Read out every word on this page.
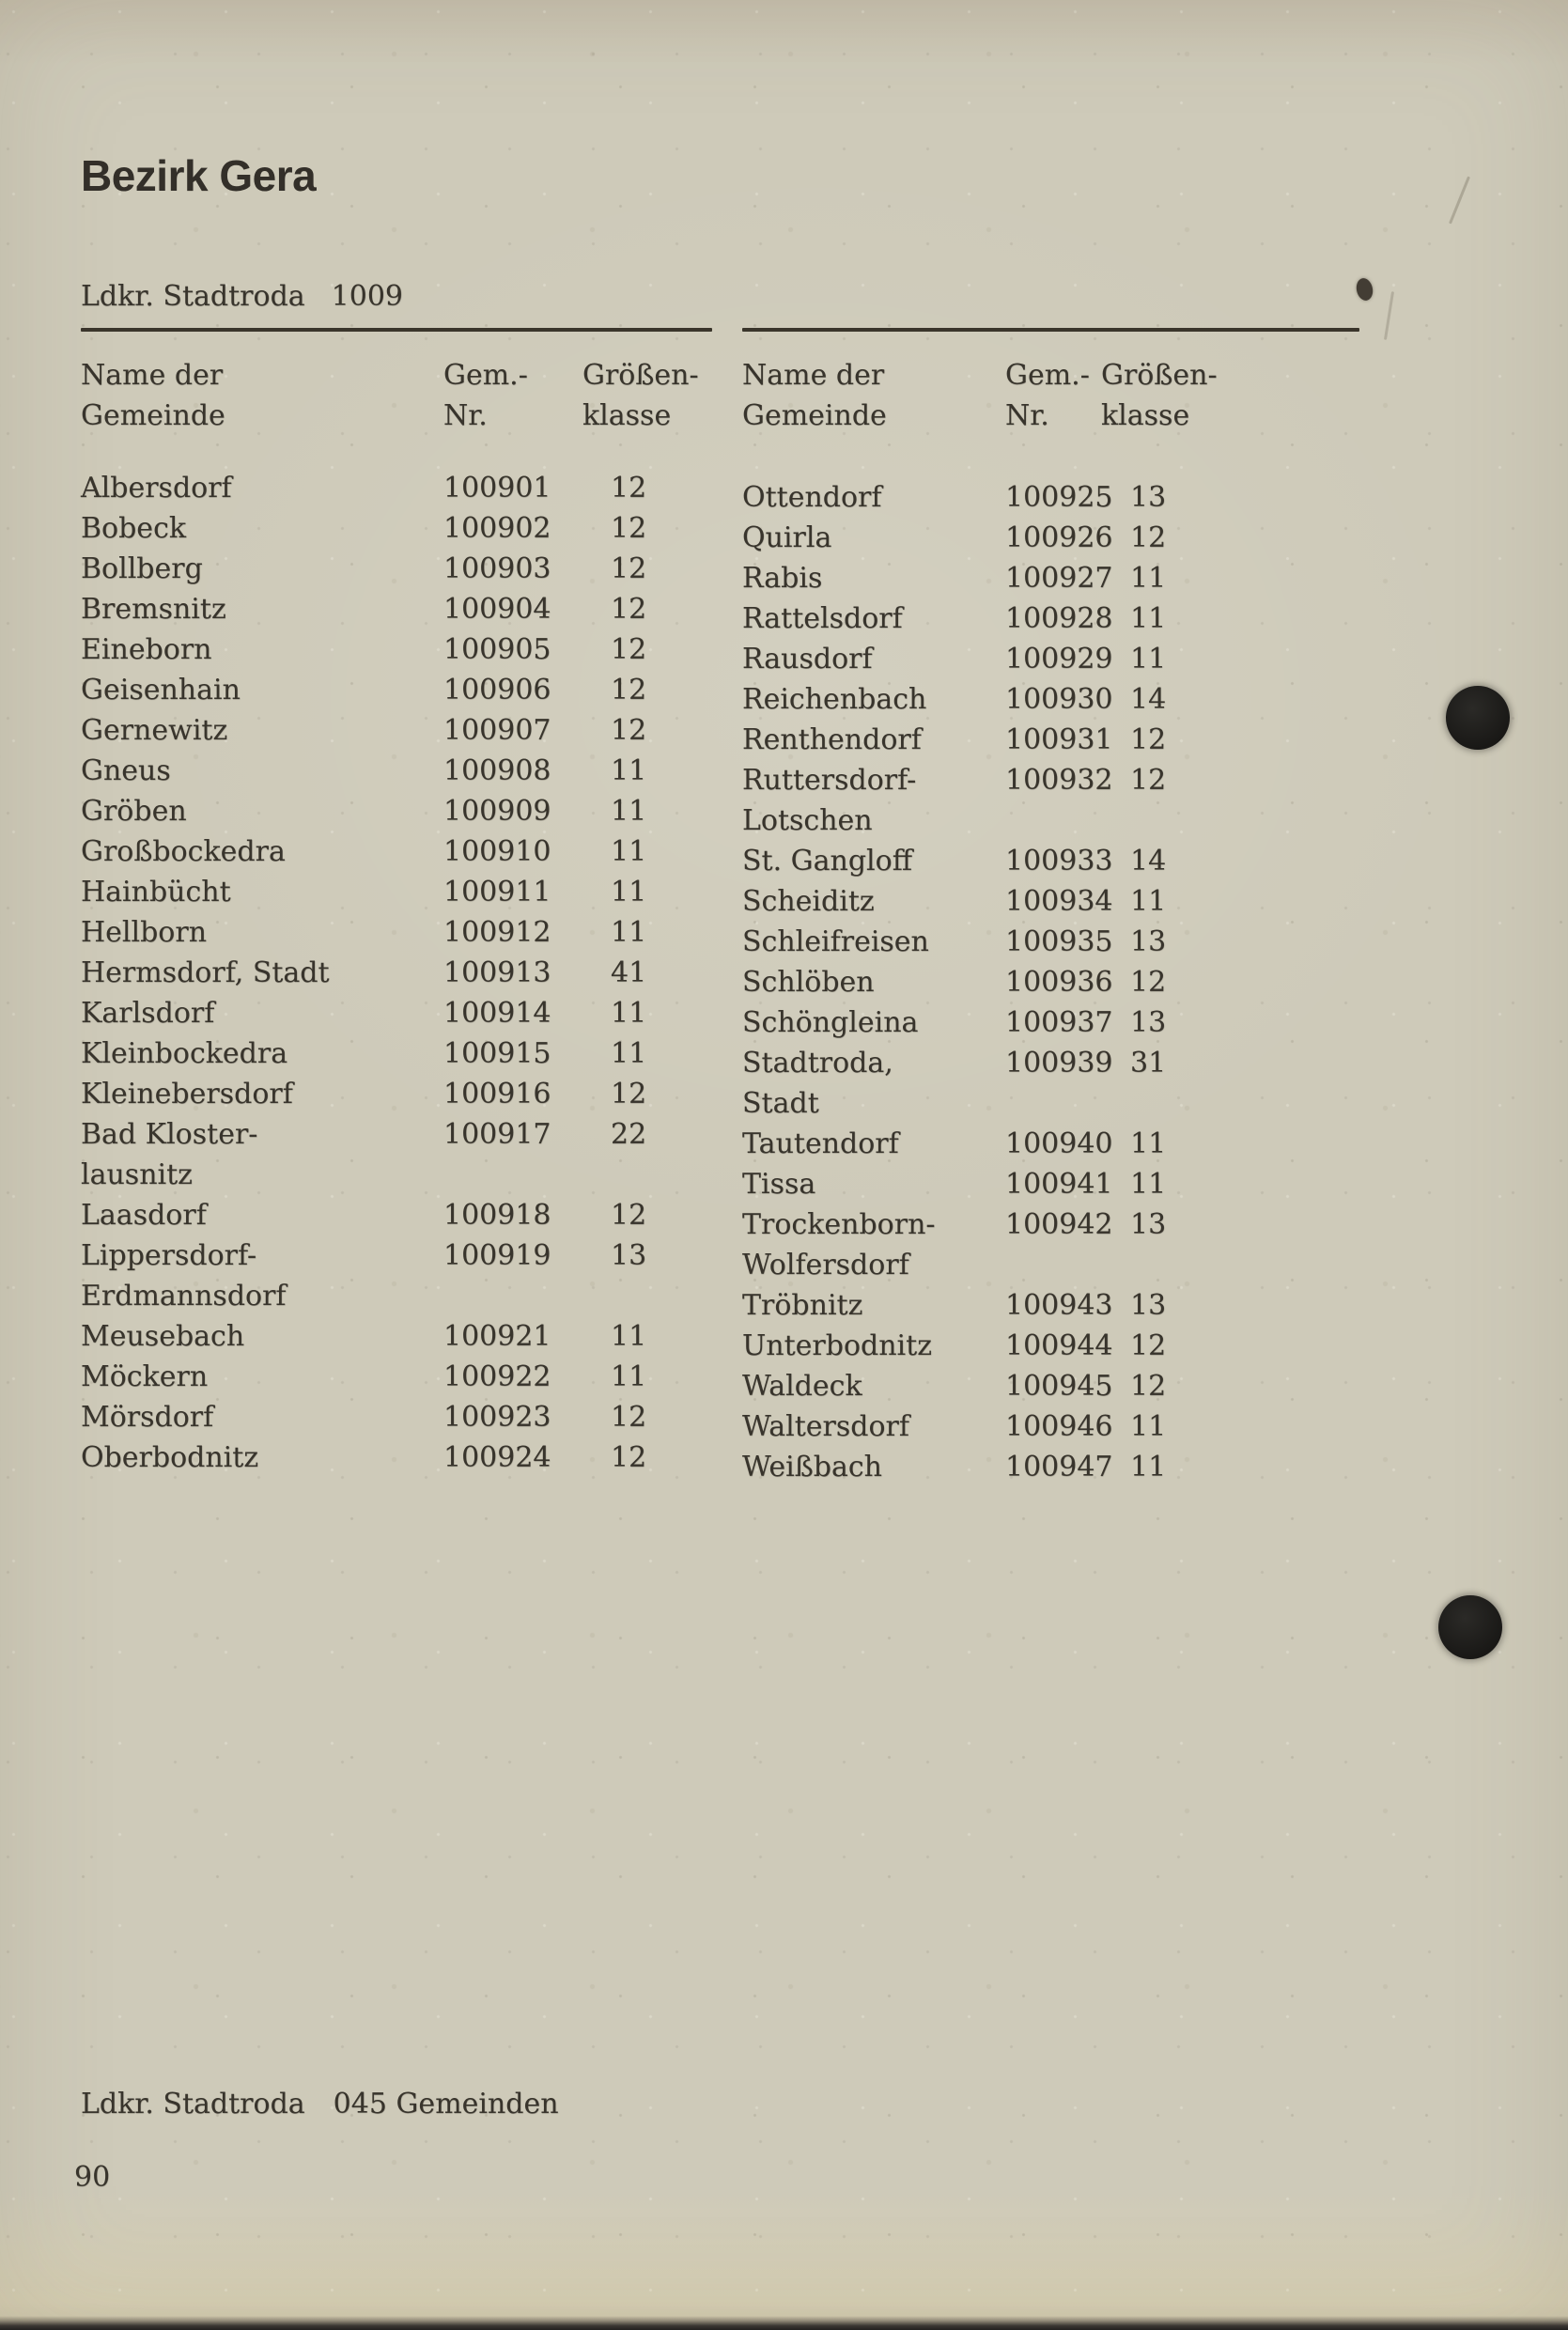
Bezirk Gera
Ldkr. Stadtroda 1009
Name der	Gem.- Größen-
Gemeinde	Nr.	klasse
Albersdorf	100901 12
Bobeck	100902 12
Bollberg	100903 12
Bremsnitz	100904 12
Eineborn	100905 12
Geisenhain	100906 12
Gernewitz	100907 12
Gneus	100908 11
Gröben	100909 11
Großbockedra	100910 11
Hainbücht	100911 11
Hellborn	100912 11
Hermsdorf, Stadt	100913 41
Karlsdorf	100914 11
Kleinbockedra	100915 11
Kleinebersdorf	100916 12
Bad Kloster-	100917 22
lausnitz
Laasdorf	100918 12
Lippersdorf-	100919 13
Erdmannsdorf
Meusebach	100921 11
Möckern	100922 11
Mörsdorf	100923 12
Oberbodnitz	100924 12
Name der	Gem.- Größen-
Gemeinde	Nr. klasse
Ottendorf	100925 13
Quirla	100926 12
Rabis	100927 11
Rattelsdorf	100928 11
Rausdorf	100929 11
Reichenbach	100930 14
Renthendorf	100931 12
Ruttersdorf-	100932 12
Lotschen
St. Gangloff	100933 14
Scheiditz	100934 11
Schleifreisen	100935 13
Schlöben	100936 12
Schöngleina	100937 13
Stadtroda,	100939 31
Stadt
Tautendorf	100940 11
Tissa	100941 11
Trockenborn- 100942 13
Wolfersdorf
Tröbnitz	100943 13
Unterbodnitz	100944 12
Waldeck	100945 12
Waltersdorf	100946 11
Weißbach	100947 11
Ldkr. Stadtroda 045 Gemeinden
90
